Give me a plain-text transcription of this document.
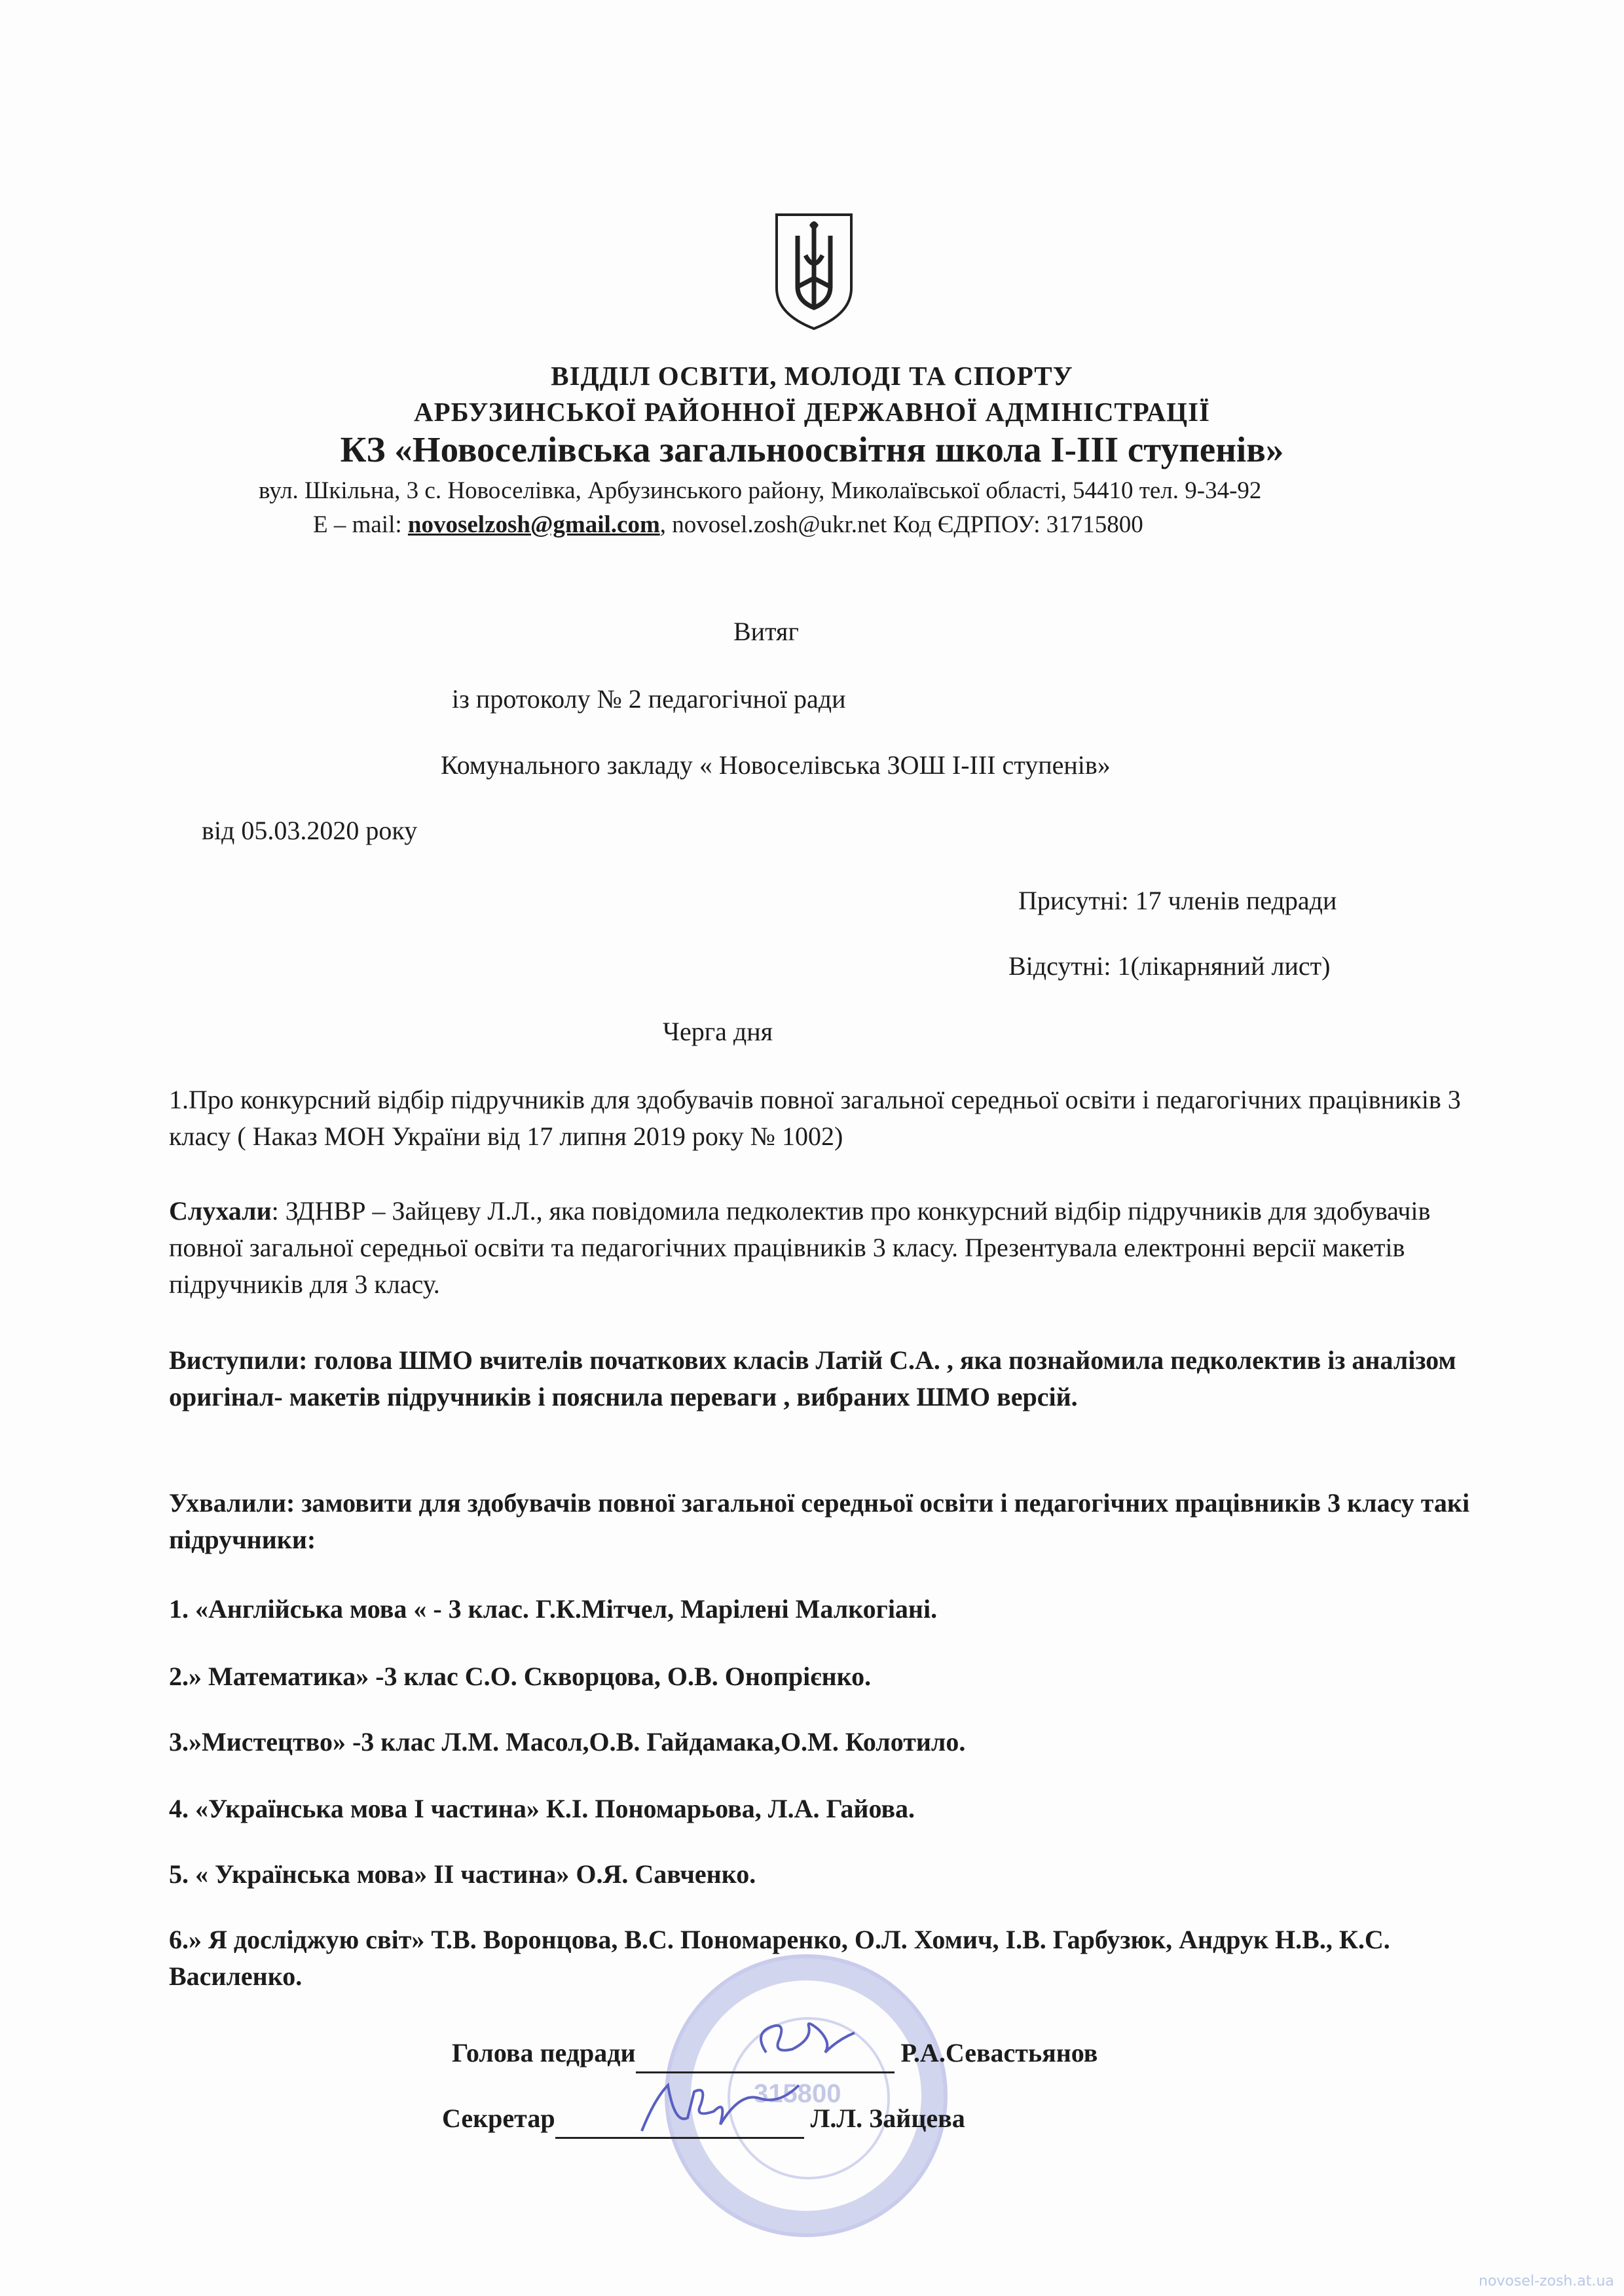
ВІДДІЛ ОСВІТИ, МОЛОДІ ТА СПОРТУ
АРБУЗИНСЬКОЇ РАЙОННОЇ ДЕРЖАВНОЇ АДМІНІСТРАЦІЇ
КЗ «Новоселівська загальноосвітня школа І-ІІІ ступенів»
вул. Шкільна, 3 с. Новоселівка, Арбузинського району, Миколаївської області, 54410 тел. 9-34-92
Е – mail: novoselzosh@gmail.com, novosel.zosh@ukr.net Код ЄДРПОУ: 31715800
Витяг
із протоколу № 2 педагогічної ради
Комунального закладу « Новоселівська ЗОШ І-ІІІ ступенів»
від 05.03.2020 року
Присутні: 17 членів педради
Відсутні: 1(лікарняний лист)
Черга дня
1.Про конкурсний відбір підручників для здобувачів повної загальної середньої освіти і педагогічних працівників 3 класу ( Наказ МОН України від 17 липня 2019 року № 1002)
Слухали: ЗДНВР – Зайцеву Л.Л., яка повідомила педколектив про конкурсний відбір підручників для здобувачів повної загальної середньої освіти та педагогічних працівників 3 класу. Презентувала електронні версії макетів підручників для 3 класу.
Виступили: голова ШМО вчителів початкових класів Латій С.А. , яка познайомила педколектив із аналізом оригінал- макетів підручників і пояснила переваги , вибраних ШМО версій.
Ухвалили: замовити для здобувачів повної загальної середньої освіти і педагогічних працівників 3 класу такі підручники:
1. «Англійська мова « - 3 клас. Г.К.Мітчел, Марілені Малкогіані.
2.» Математика» -3 клас С.О. Скворцова, О.В. Онопрієнко.
3.»Мистецтво» -3 клас Л.М. Масол,О.В. Гайдамака,О.М. Колотило.
4. «Українська мова І частина» К.І. Пономарьова, Л.А. Гайова.
5. « Українська мова» ІІ частина» О.Я. Савченко.
6.» Я досліджую світ» Т.В. Воронцова, В.С. Пономаренко, О.Л. Хомич, І.В. Гарбузюк, Андрук Н.В., К.С. Василенко.
315800
Голова педради	Р.А.Севастьянов
Секретар	Л.Л. Зайцева
novosel-zosh.at.ua
